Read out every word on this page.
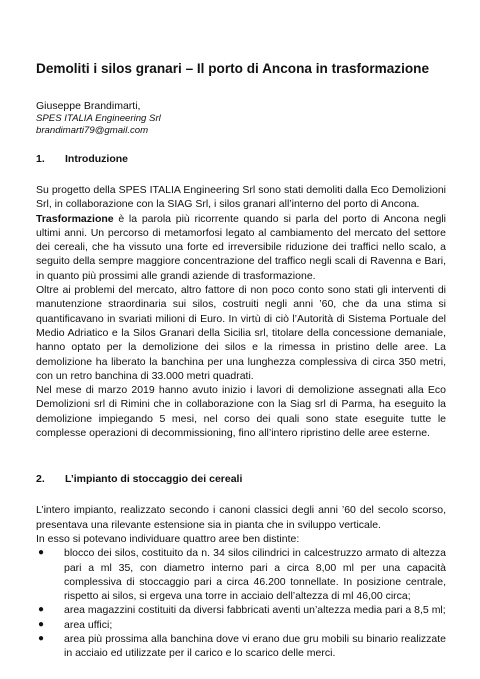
Demoliti i silos granari – Il porto di Ancona in trasformazione
Giuseppe Brandimarti,
SPES ITALIA Engineering Srl
brandimarti79@gmail.com
1.	Introduzione

Su progetto della SPES ITALIA Engineering Srl sono stati demoliti dalla Eco Demolizioni Srl, in collaborazione con la SIAG Srl, i silos granari all’interno del porto di Ancona.

Trasformazione è la parola più ricorrente quando si parla del porto di Ancona negli ultimi anni. Un percorso di metamorfosi legato al cambiamento del mercato del settore dei cereali, che ha vissuto una forte ed irreversibile riduzione dei traffici nello scalo, a seguito della sempre maggiore concentrazione del traffico negli scali di Ravenna e Bari, in quanto più prossimi alle grandi aziende di trasformazione.

Oltre ai problemi del mercato, altro fattore di non poco conto sono stati gli interventi di manutenzione straordinaria sui silos, costruiti negli anni ’60, che da una stima si quantificavano in svariati milioni di Euro. In virtù di ciò l’Autorità di Sistema Portuale del Medio Adriatico e la Silos Granari della Sicilia srl, titolare della concessione demaniale, hanno optato per la demolizione dei silos e la rimessa in pristino delle aree. La demolizione ha liberato la banchina per una lunghezza complessiva di circa 350 metri, con un retro banchina di 33.000 metri quadrati.

Nel mese di marzo 2019 hanno avuto inizio i lavori di demolizione assegnati alla Eco Demolizioni srl di Rimini che in collaborazione con la Siag srl di Parma, ha eseguito la demolizione impiegando 5 mesi, nel corso dei quali sono state eseguite tutte le complesse operazioni di decommissioning, fino all’intero ripristino delle aree esterne.

2.	L’impianto di stoccaggio dei cereali

L’intero impianto, realizzato secondo i canoni classici degli anni ’60 del secolo scorso, presentava una rilevante estensione sia in pianta che in sviluppo verticale.

In esso si potevano individuare quattro aree ben distinte:

● blocco dei silos, costituito da n. 34 silos cilindrici in calcestruzzo armato di altezza pari a ml 35, con diametro interno pari a circa 8,00 ml per una capacità complessiva di stoccaggio pari a circa 46.200 tonnellate. In posizione centrale, rispetto ai silos, si ergeva una torre in acciaio dell’altezza di ml 46,00 circa;
● area magazzini costituiti da diversi fabbricati aventi un’altezza media pari a 8,5 ml;
● area uffici;
● area più prossima alla banchina dove vi erano due gru mobili su binario realizzate in acciaio ed utilizzate per il carico e lo scarico delle merci.
